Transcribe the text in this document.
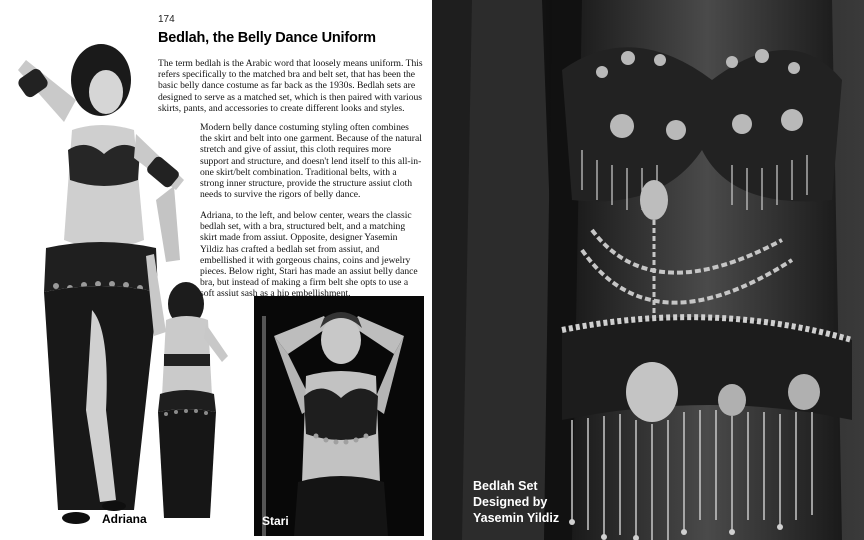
174
Bedlah, the Belly Dance Uniform

The term bedlah is the Arabic word that loosely means uniform. This refers specifically to the matched bra and belt set, that has been the basic belly dance costume as far back as the 1930s. Bedlah sets are designed to serve as a matched set, which is then paired with various skirts, pants, and accessories to create different looks and styles.

Modern belly dance costuming styling often combines the skirt and belt into one garment. Because of the natural stretch and give of assiut, this cloth requires more support and structure, and doesn't lend itself to this all-in-one skirt/belt combination. Traditional belts, with a strong inner structure, provide the structure assiut cloth needs to survive the rigors of belly dance.

Adriana, to the left, and below center, wears the classic bedlah set, with a bra, structured belt, and a matching skirt made from assiut. Opposite, designer Yasemin Yildiz has crafted a bedlah set from assiut, and embellished it with gorgeous chains, coins and jewelry pieces. Below right, Stari has made an assiut belly dance bra, but instead of making a firm belt she opts to use a soft assiut sash as a hip embellishment.

Adriana	Stari
Bedlah Set
Designed by
Yasemin Yildiz
